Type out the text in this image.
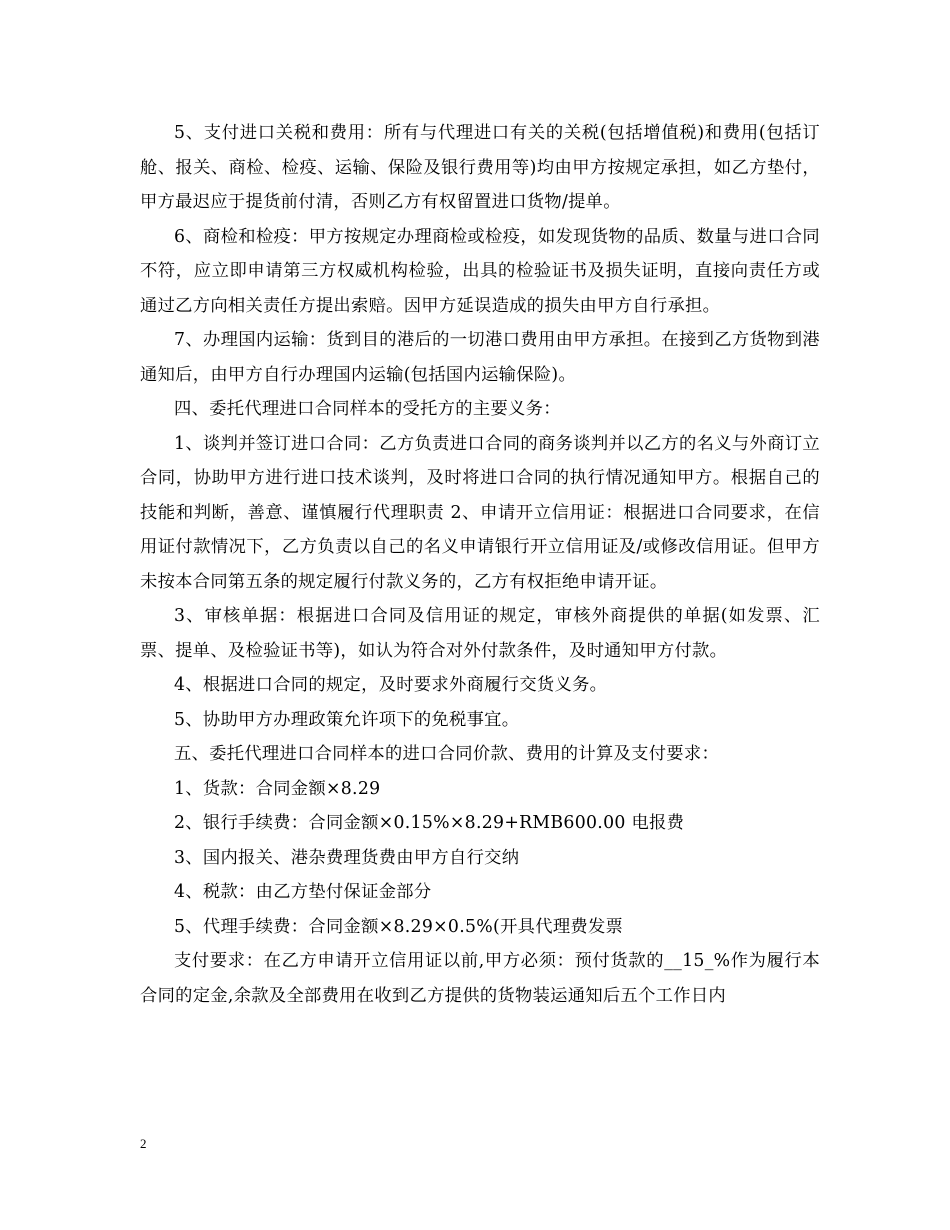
5、支付进口关税和费用：所有与代理进口有关的关税(包括增值税)和费用(包括订舱、报关、商检、检疫、运输、保险及银行费用等)均由甲方按规定承担，如乙方垫付，甲方最迟应于提货前付清，否则乙方有权留置进口货物/提单。

6、商检和检疫：甲方按规定办理商检或检疫，如发现货物的品质、数量与进口合同不符，应立即申请第三方权威机构检验，出具的检验证书及损失证明，直接向责任方或通过乙方向相关责任方提出索赔。因甲方延误造成的损失由甲方自行承担。

7、办理国内运输：货到目的港后的一切港口费用由甲方承担。在接到乙方货物到港通知后，由甲方自行办理国内运输(包括国内运输保险)。

四、委托代理进口合同样本的受托方的主要义务：

1、谈判并签订进口合同：乙方负责进口合同的商务谈判并以乙方的名义与外商订立合同，协助甲方进行进口技术谈判，及时将进口合同的执行情况通知甲方。根据自己的技能和判断，善意、谨慎履行代理职责 2、申请开立信用证：根据进口合同要求，在信用证付款情况下，乙方负责以自己的名义申请银行开立信用证及/或修改信用证。但甲方未按本合同第五条的规定履行付款义务的，乙方有权拒绝申请开证。

3、审核单据：根据进口合同及信用证的规定，审核外商提供的单据(如发票、汇票、提单、及检验证书等)，如认为符合对外付款条件，及时通知甲方付款。

4、根据进口合同的规定，及时要求外商履行交货义务。

5、协助甲方办理政策允许项下的免税事宜。

五、委托代理进口合同样本的进口合同价款、费用的计算及支付要求：

1、货款：合同金额×8.29

2、银行手续费：合同金额×0.15%×8.29+RMB600.00 电报费

3、国内报关、港杂费理货费由甲方自行交纳

4、税款：由乙方垫付保证金部分

5、代理手续费：合同金额×8.29×0.5%(开具代理费发票

支付要求：在乙方申请开立信用证以前,甲方必须：预付货款的__15_%作为履行本合同的定金,余款及全部费用在收到乙方提供的货物装运通知后五个工作日内

2
